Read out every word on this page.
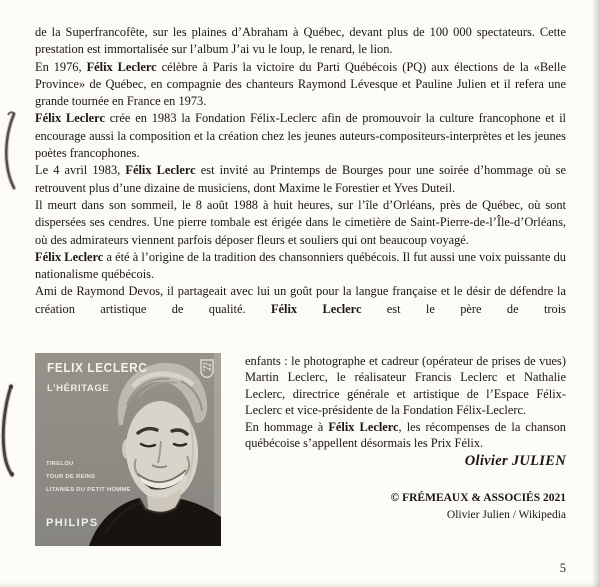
de la Superfrancofête, sur les plaines d’Abraham à Québec, devant plus de 100 000 spectateurs. Cette prestation est immortalisée sur l’album J’ai vu le loup, le renard, le lion.

En 1976, Félix Leclerc célèbre à Paris la victoire du Parti Québécois (PQ) aux élections de la «Belle Province» de Québec, en compagnie des chanteurs Raymond Lévesque et Pauline Julien et il refera une grande tournée en France en 1973.

Félix Leclerc crée en 1983 la Fondation Félix-Leclerc afin de promouvoir la culture francophone et il encourage aussi la composition et la création chez les jeunes auteurs-compositeurs-interprètes et les jeunes poètes francophones.

Le 4 avril 1983, Félix Leclerc est invité au Printemps de Bourges pour une soirée d’hommage où se retrouvent plus d’une dizaine de musiciens, dont Maxime le Forestier et Yves Duteil.

Il meurt dans son sommeil, le 8 août 1988 à huit heures, sur l’île d’Orléans, près de Québec, où sont dispersées ses cendres. Une pierre tombale est érigée dans le cimetière de Saint-Pierre-de-l’Île-d’Orléans, où des admirateurs viennent parfois déposer fleurs et souliers qui ont beaucoup voyagé.

Félix Leclerc a été à l’origine de la tradition des chansonniers québécois. Il fut aussi une voix puissante du nationalisme québécois.

Ami de Raymond Devos, il partageait avec lui un goût pour la langue française et le désir de défendre la création artistique de qualité. Félix Leclerc est le père de trois

FELIX LECLERC
L’HÉRITAGE
TIRELOU
TOUR DE REINS
LITANIES DU PETIT HOMME
PHILIPS

enfants : le photographe et cadreur (opérateur de prises de vues) Martin Leclerc, le réalisateur Francis Leclerc et Nathalie Leclerc, directrice générale et artistique de l’Espace Félix-Leclerc et vice-présidente de la Fondation Félix-Leclerc.

En hommage à Félix Leclerc, les récompenses de la chanson québécoise s’appellent désormais les Prix Félix.

Olivier JULIEN
© FRÉMEAUX & ASSOCIÉS 2021
Olivier Julien / Wikipedia
5
